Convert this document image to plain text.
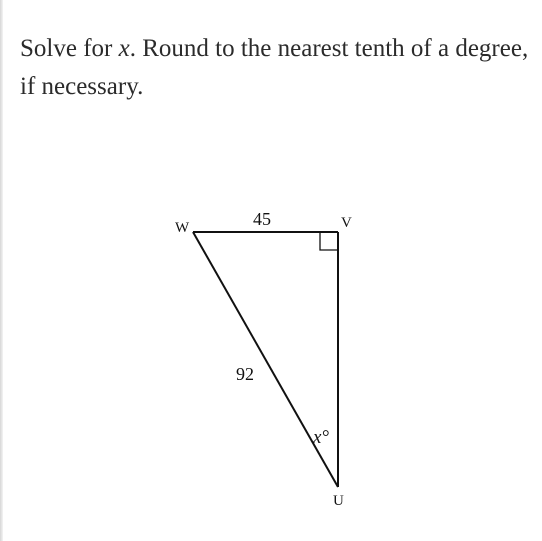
Solve for x. Round to the nearest tenth of a degree, if necessary.
W	V
U
45
92
x°
